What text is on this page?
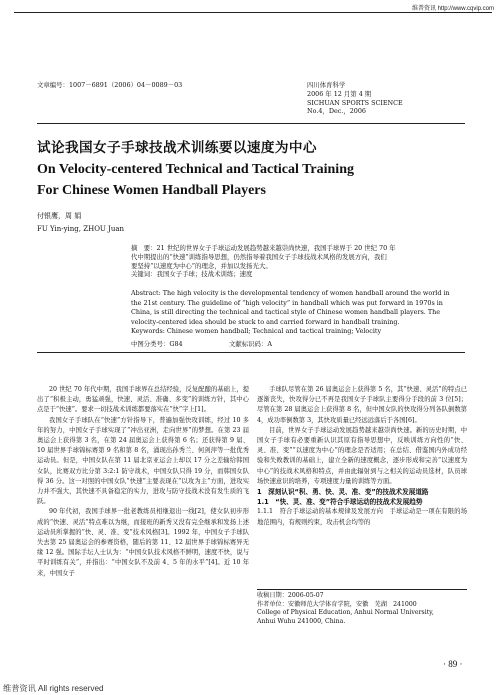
维普资讯 http://www.cqvip.com
文章编号：1007－6891（2006）04－0089－03	四川体育科学
2006 年 12 月第 4 期
SICHUAN SPORTS SCIENCE
No.4，Dec.，2006
试论我国女子手球技战术训练要以速度为中心
On Velocity-centered Technical and Tactical Training
For Chinese Women Handball Players
付银鹰，周 娟
FU Yin-ying, ZHOU Juan

摘　要：21 世纪的世界女子手球运动发展趋势越来越崇尚快速，我国手球界于 20 世纪 70 年

代中期提出的“快速”训练指导思想，仍然指导着我国女子手球技战术风格的发展方向，我们

要坚持“以速度为中心”的理念，并加以发扬光大。

关键词：我国女子手球；技战术训练；速度

Abstract: The high velocity is the developmental tendency of women handball around the world in

the 21st century. The guideline of “high velocity” in handball which was put forward in 1970s in

China, is still directing the technical and tactical style of Chinese women handball players. The

velocity-centered idea should be stuck to and carried forward in handball training.

Keywords: Chinese women handball; Technical and tactical training; Velocity

中图分类号：G84	文献标识码：A

20 世纪 70 年代中期，我国手球界在总结经验，反复配酿的基础上，提出了“积极主动，勇猛顽强，快速、灵活、准确、多变”的训练方针，其中心点是于“快速”。要求一切技战术训练都要落实在“快”字上[1]。

我国女子手球队在“快速”方针指导下，普遍加强快攻训练，经过 10 多年的努力，中国女子手球实现了“冲出亚洲，走向世界”的梦想。在第 23 届奥运会上获得第 3 名，在第 24 届奥运会上获得第 6 名；还获得第 9 届、10 届世界手球锦标赛第 9 名和第 8 名，涌现出孙秀兰、何剑萍等一批优秀运动员。但是，中国女队在第 11 届北京亚运会上却以 17 分之差输给韩国女队，比赛双方比分第 3:2:1 防守战术，中国女队只得 19 分，而韩国女队得 36 分。这一对照的中国女队“快速”主要表现在“以攻为主”方面，进攻实力并不强大，其快速不具备稳定的实力，进攻与防守技战术没有发生质的飞跃。

90 年代初，我国手球界一批老教练员相继退出一线[2]，使女队初步形成的“快速、灵活”特点难以为继，而接班的新秀又没有完全继承和发扬上述运动员所掌握的“快、灵、准、变”技术风格[3]。1992 年，中国女子手球队失去第 25 届奥运会的参赛资格，随后的第 11、12 届世界手球锦标赛异无缘 12 强。国际手坛人士认为：“中国女队技术风格不鲜明，速度不快，说与平时训练有关”，并指出：“中国女队不及前 4、5 年的水平”[4]。近 10 年来，中国女子

手球队尽管在第 26 届奥运会上获得第 5 名，其“快速、灵活”的特点已逐渐丧失，快攻得分已不再是我国女子手球队主要得分手段的前 3 位[5]；尽管在第 28 届奥运会上获得第 8 名，但中国女队的快攻得分列各队倒数第 4，成功率倒数第 3，其快攻质量已经远远落后于各国[6]。

目前，世界女子手球运动发展趋势越来越崇尚快速。新的历史时期，中国女子手球有必要重新认识其原有指导思想中，反映训练方向性的“快、灵、准、变”“以速度为中心”的理念是否适用；在总结、借鉴国内外成功经验和失败教训的基础上，建立全新的速度概念，逐步形成和完善“以速度为中心”的技战术风格和特点，并由此辐射到与之相关的运动员选材，队员球场快速意识的培养，专项速度力量的训练等方面。

1　深刻认识“积、勇、快、灵、准、变”的技战术发展道路

1.1　“快、灵、准、变”符合手球运动的技战术发展趋势

1.1.1　符合手球运动的基本规律及发展方向　手球运动是一项在有限的场地范围内，有规则约束，攻击机会均等的

收稿日期：2006-05-07
作者单位：安徽师范大学体育学院，安徽　芜湖　241000
College of Physical Education, Anhui Normal University,
Anhui Wuhu 241000, China.
· 89 ·
维普资讯 All rights reserved
